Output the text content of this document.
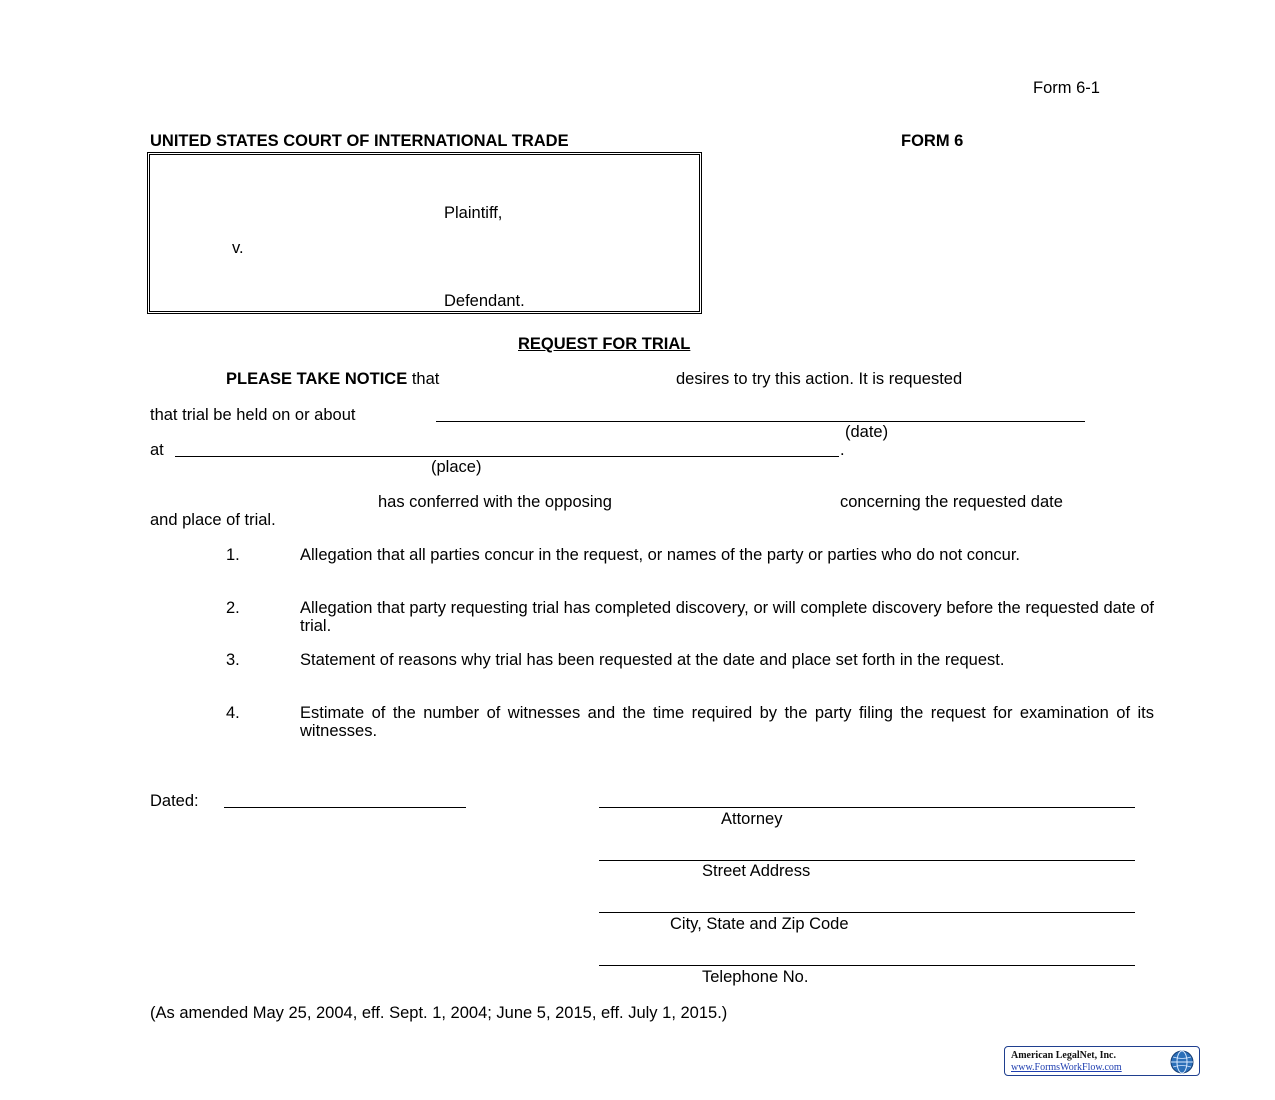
Form 6-1
UNITED STATES COURT OF INTERNATIONAL TRADE	FORM 6
Plaintiff,
v.
Defendant.
REQUEST FOR TRIAL
PLEASE TAKE NOTICE that	desires to try this action. It is requested
that trial be held on or about
(date)
at	.
(place)
has conferred with the opposing	concerning the requested date
and place of trial.
1.	Allegation that all parties concur in the request, or names of the party or parties who do not concur.
2.	Allegation that party requesting trial has completed discovery, or will complete discovery before the requested date of trial.
3.	Statement of reasons why trial has been requested at the date and place set forth in the request.
4.	Estimate of the number of witnesses and the time required by the party filing the request for examination of its witnesses.
Dated:
Attorney
Street Address
City, State and Zip Code
Telephone No.
(As amended May 25, 2004, eff. Sept. 1, 2004; June 5, 2015, eff. July 1, 2015.)
American LegalNet, Inc.
www.FormsWorkFlow.com
